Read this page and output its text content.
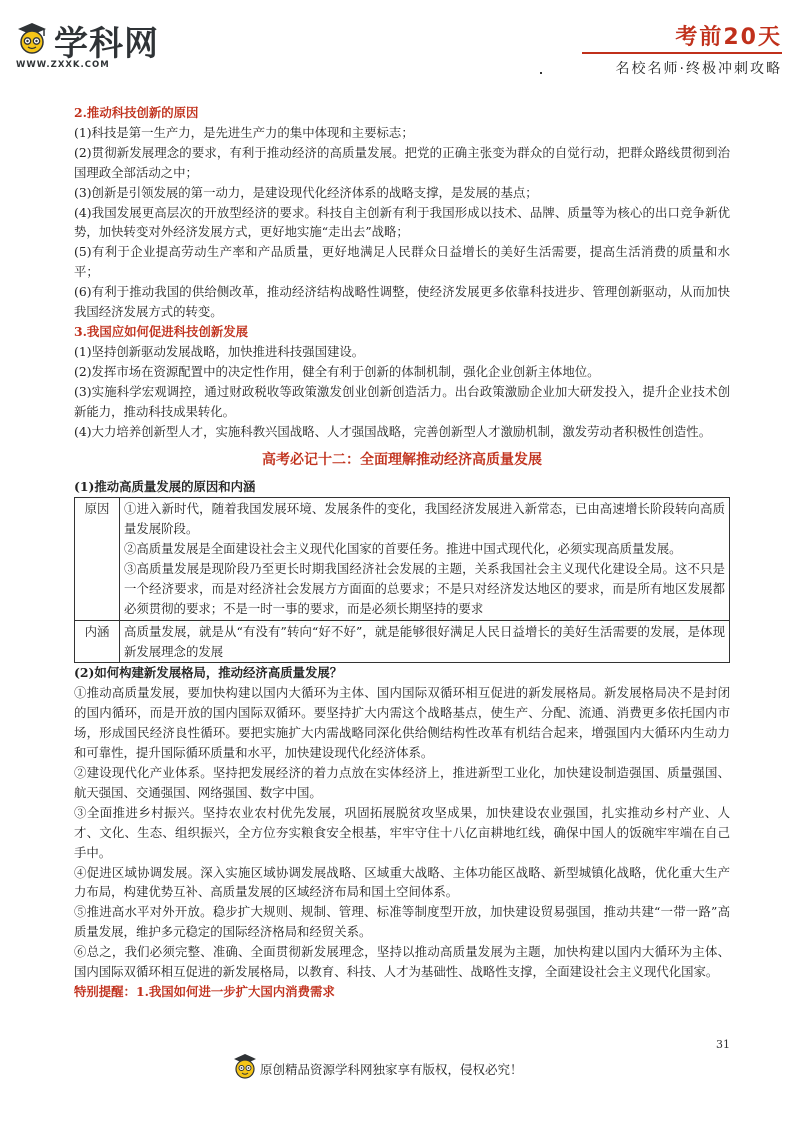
学科网
WWW.ZXXK.COM
考前20天
名校名师·终极冲刺攻略

2.推动科技创新的原因

(1)科技是第一生产力，是先进生产力的集中体现和主要标志；

(2)贯彻新发展理念的要求，有利于推动经济的高质量发展。把党的正确主张变为群众的自觉行动，把群众路线贯彻到治国理政全部活动之中；

(3)创新是引领发展的第一动力，是建设现代化经济体系的战略支撑，是发展的基点；

(4)我国发展更高层次的开放型经济的要求。科技自主创新有利于我国形成以技术、品牌、质量等为核心的出口竞争新优势，加快转变对外经济发展方式，更好地实施“走出去”战略；

(5)有利于企业提高劳动生产率和产品质量，更好地满足人民群众日益增长的美好生活需要，提高生活消费的质量和水平；

(6)有利于推动我国的供给侧改革，推动经济结构战略性调整，使经济发展更多依靠科技进步、管理创新驱动，从而加快我国经济发展方式的转变。

3.我国应如何促进科技创新发展

(1)坚持创新驱动发展战略，加快推进科技强国建设。

(2)发挥市场在资源配置中的决定性作用，健全有利于创新的体制机制，强化企业创新主体地位。

(3)实施科学宏观调控，通过财政税收等政策激发创业创新创造活力。出台政策激励企业加大研发投入，提升企业技术创新能力，推动科技成果转化。

(4)大力培养创新型人才，实施科教兴国战略、人才强国战略，完善创新型人才激励机制，激发劳动者积极性创造性。

高考必记十二：全面理解推动经济高质量发展

(1)推动高质量发展的原因和内涵

原因	①进入新时代，随着我国发展环境、发展条件的变化，我国经济发展进入新常态，已由高速增长阶段转向高质量发展阶段。

②高质量发展是全面建设社会主义现代化国家的首要任务。推进中国式现代化，必须实现高质量发展。

③高质量发展是现阶段乃至更长时期我国经济社会发展的主题，关系我国社会主义现代化建设全局。这不只是一个经济要求，而是对经济社会发展方方面面的总要求；不是只对经济发达地区的要求，而是所有地区发展都必须贯彻的要求；不是一时一事的要求，而是必须长期坚持的要求

内涵	高质量发展，就是从“有没有”转向“好不好”，就是能够很好满足人民日益增长的美好生活需要的发展，是体现新发展理念的发展

(2)如何构建新发展格局，推动经济高质量发展？

①推动高质量发展，要加快构建以国内大循环为主体、国内国际双循环相互促进的新发展格局。新发展格局决不是封闭的国内循环，而是开放的国内国际双循环。要坚持扩大内需这个战略基点，使生产、分配、流通、消费更多依托国内市场，形成国民经济良性循环。要把实施扩大内需战略同深化供给侧结构性改革有机结合起来，增强国内大循环内生动力和可靠性，提升国际循环质量和水平，加快建设现代化经济体系。

②建设现代化产业体系。坚持把发展经济的着力点放在实体经济上，推进新型工业化，加快建设制造强国、质量强国、航天强国、交通强国、网络强国、数字中国。

③全面推进乡村振兴。坚持农业农村优先发展，巩固拓展脱贫攻坚成果，加快建设农业强国，扎实推动乡村产业、人才、文化、生态、组织振兴，全方位夯实粮食安全根基，牢牢守住十八亿亩耕地红线，确保中国人的饭碗牢牢端在自己手中。

④促进区域协调发展。深入实施区域协调发展战略、区域重大战略、主体功能区战略、新型城镇化战略，优化重大生产力布局，构建优势互补、高质量发展的区域经济布局和国土空间体系。

⑤推进高水平对外开放。稳步扩大规则、规制、管理、标准等制度型开放，加快建设贸易强国，推动共建“一带一路”高质量发展，维护多元稳定的国际经济格局和经贸关系。

⑥总之，我们必须完整、准确、全面贯彻新发展理念，坚持以推动高质量发展为主题，加快构建以国内大循环为主体、国内国际双循环相互促进的新发展格局，以教育、科技、人才为基础性、战略性支撑，全面建设社会主义现代化国家。

特别提醒：1.我国如何进一步扩大国内消费需求

31
原创精品资源学科网独家享有版权，侵权必究！
